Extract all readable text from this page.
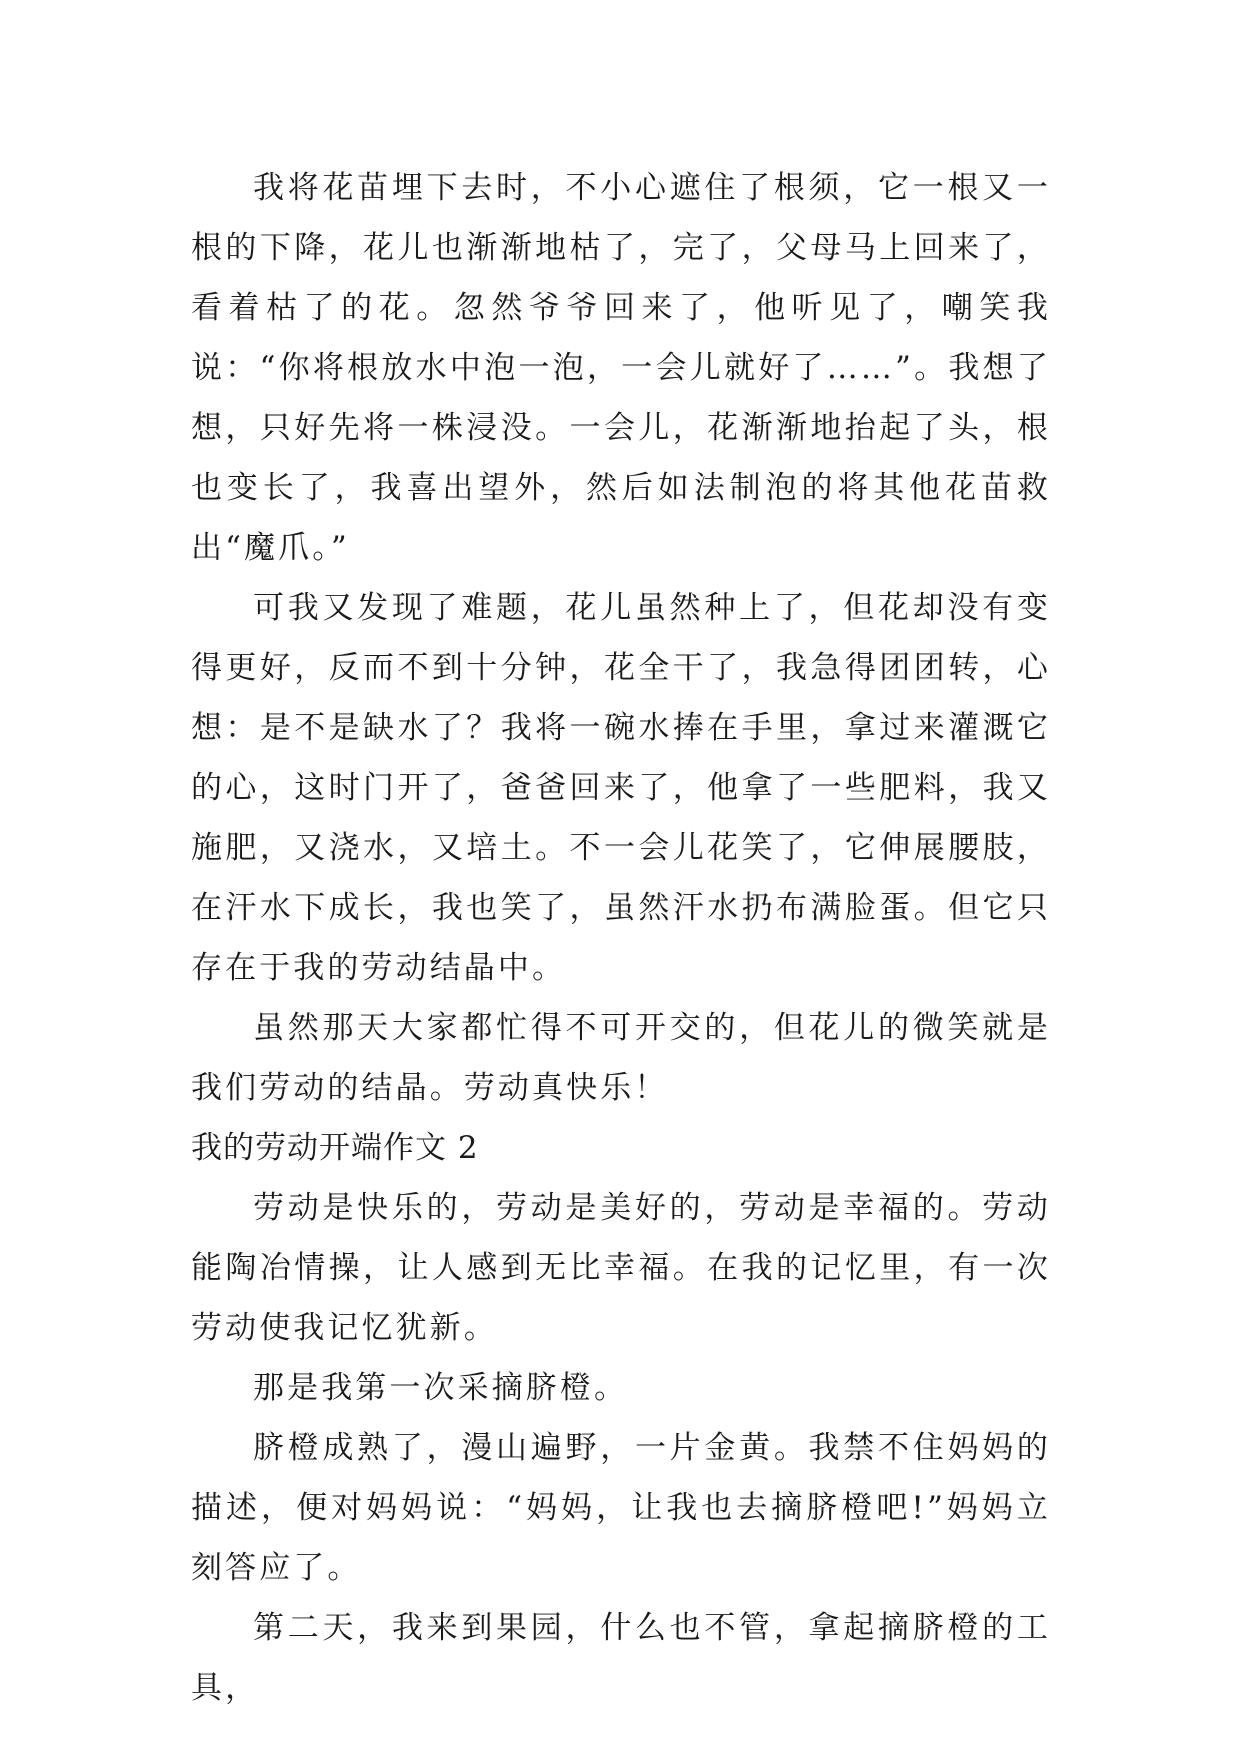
我将花苗埋下去时，不小心遮住了根须，它一根又一根的下降，花儿也渐渐地枯了，完了，父母马上回来了，看着枯了的花。忽然爷爷回来了，他听见了，嘲笑我说：“你将根放水中泡一泡，一会儿就好了……”。我想了想，只好先将一株浸没。一会儿，花渐渐地抬起了头，根也变长了，我喜出望外，然后如法制泡的将其他花苗救出“魔爪。”

可我又发现了难题，花儿虽然种上了，但花却没有变得更好，反而不到十分钟，花全干了，我急得团团转，心想：是不是缺水了？我将一碗水捧在手里，拿过来灌溉它的心，这时门开了，爸爸回来了，他拿了一些肥料，我又施肥，又浇水，又培土。不一会儿花笑了，它伸展腰肢，在汗水下成长，我也笑了，虽然汗水扔布满脸蛋。但它只存在于我的劳动结晶中。

虽然那天大家都忙得不可开交的，但花儿的微笑就是我们劳动的结晶。劳动真快乐！

我的劳动开端作文 2

劳动是快乐的，劳动是美好的，劳动是幸福的。劳动能陶冶情操，让人感到无比幸福。在我的记忆里，有一次劳动使我记忆犹新。

那是我第一次采摘脐橙。

脐橙成熟了，漫山遍野，一片金黄。我禁不住妈妈的描述，便对妈妈说：“妈妈，让我也去摘脐橙吧!”妈妈立刻答应了。

第二天，我来到果园，什么也不管，拿起摘脐橙的工具，
